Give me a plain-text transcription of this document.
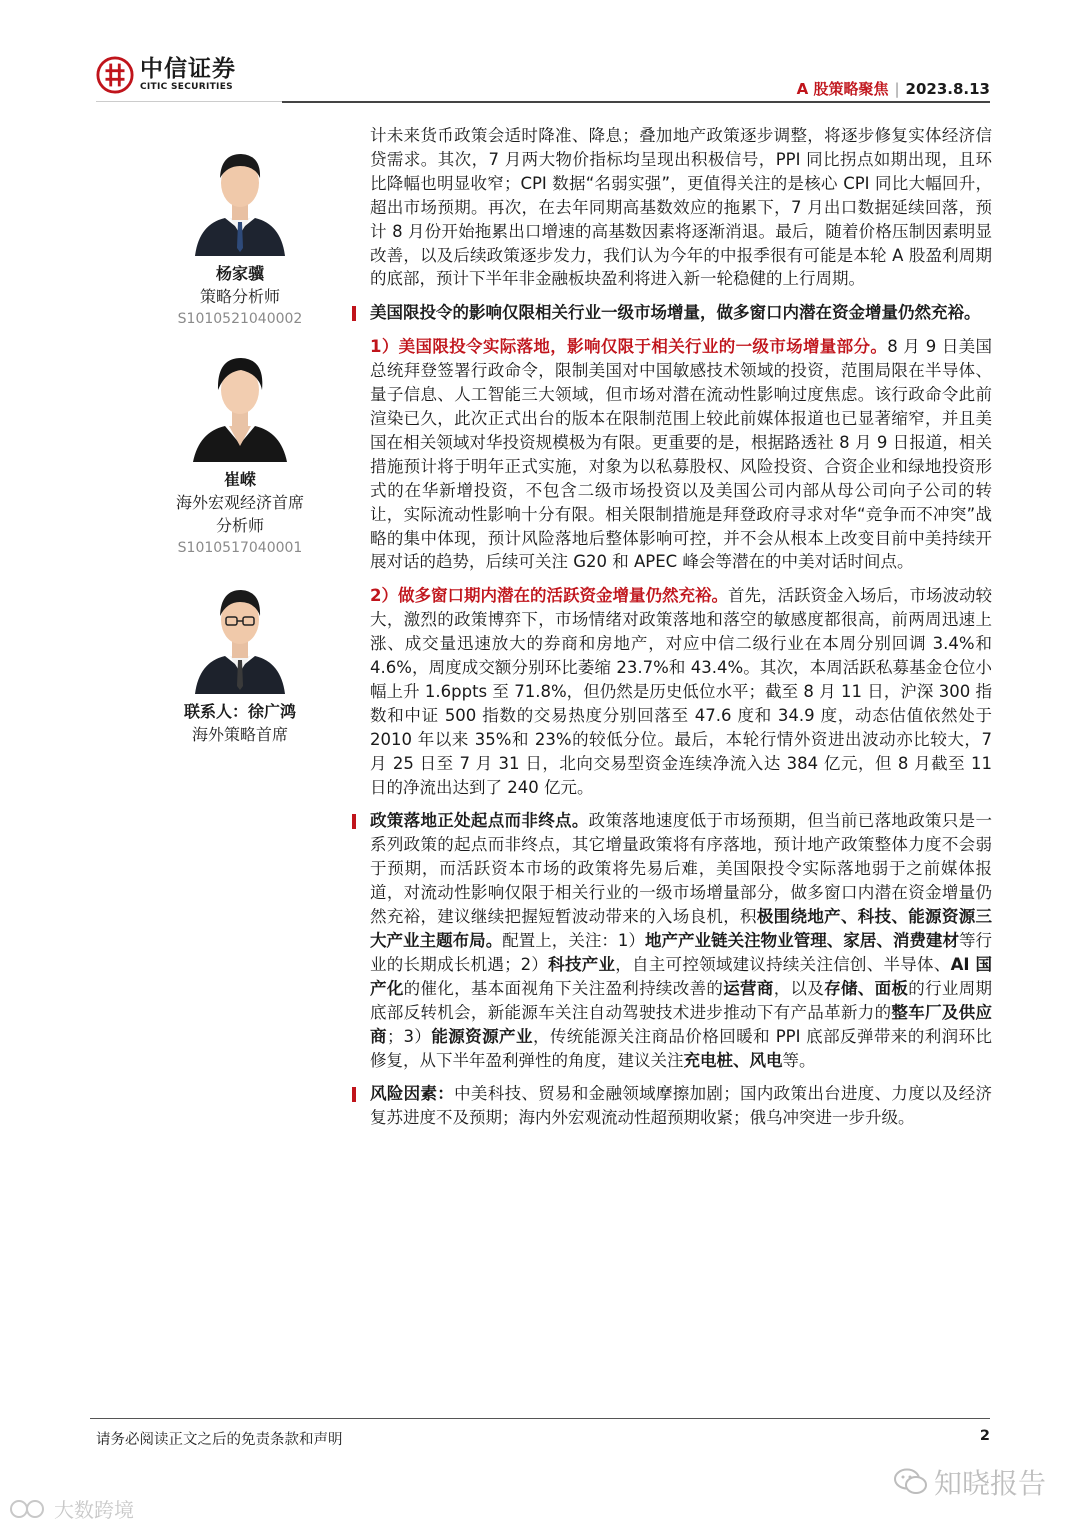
中信证券
CITIC SECURITIES	A 股策略聚焦 | 2023.8.13
杨家骥
策略分析师
S1010521040002
崔嵘
海外宏观经济首席
分析师
S1010517040001
联系人：徐广鸿
海外策略首席

计未来货币政策会适时降准、降息；叠加地产政策逐步调整，将逐步修复实体经济信贷需求。其次，7 月两大物价指标均呈现出积极信号，PPI 同比拐点如期出现，且环比降幅也明显收窄；CPI 数据“名弱实强”，更值得关注的是核心 CPI 同比大幅回升，超出市场预期。再次，在去年同期高基数效应的拖累下，7 月出口数据延续回落，预计 8 月份开始拖累出口增速的高基数因素将逐渐消退。最后，随着价格压制因素明显改善，以及后续政策逐步发力，我们认为今年的中报季很有可能是本轮 A 股盈利周期的底部，预计下半年非金融板块盈利将进入新一轮稳健的上行周期。

美国限投令的影响仅限相关行业一级市场增量，做多窗口内潜在资金增量仍然充裕。

1）美国限投令实际落地，影响仅限于相关行业的一级市场增量部分。8 月 9 日美国总统拜登签署行政命令，限制美国对中国敏感技术领域的投资，范围局限在半导体、量子信息、人工智能三大领域，但市场对潜在流动性影响过度焦虑。该行政命令此前渲染已久，此次正式出台的版本在限制范围上较此前媒体报道也已显著缩窄，并且美国在相关领域对华投资规模极为有限。更重要的是，根据路透社 8 月 9 日报道，相关措施预计将于明年正式实施，对象为以私募股权、风险投资、合资企业和绿地投资形式的在华新增投资，不包含二级市场投资以及美国公司内部从母公司向子公司的转让，实际流动性影响十分有限。相关限制措施是拜登政府寻求对华“竞争而不冲突”战略的集中体现，预计风险落地后整体影响可控，并不会从根本上改变目前中美持续开展对话的趋势，后续可关注 G20 和 APEC 峰会等潜在的中美对话时间点。

2）做多窗口期内潜在的活跃资金增量仍然充裕。首先，活跃资金入场后，市场波动较大，激烈的政策博弈下，市场情绪对政策落地和落空的敏感度都很高，前两周迅速上涨、成交量迅速放大的券商和房地产，对应中信二级行业在本周分别回调 3.4%和 4.6%，周度成交额分别环比萎缩 23.7%和 43.4%。其次，本周活跃私募基金仓位小幅上升 1.6ppts 至 71.8%，但仍然是历史低位水平；截至 8 月 11 日，沪深 300 指数和中证 500 指数的交易热度分别回落至 47.6 度和 34.9 度，动态估值依然处于 2010 年以来 35%和 23%的较低分位。最后，本轮行情外资进出波动亦比较大，7 月 25 日至 7 月 31 日，北向交易型资金连续净流入达 384 亿元，但 8 月截至 11 日的净流出达到了 240 亿元。

政策落地正处起点而非终点。政策落地速度低于市场预期，但当前已落地政策只是一系列政策的起点而非终点，其它增量政策将有序落地，预计地产政策整体力度不会弱于预期，而活跃资本市场的政策将先易后难，美国限投令实际落地弱于之前媒体报道，对流动性影响仅限于相关行业的一级市场增量部分，做多窗口内潜在资金增量仍然充裕，建议继续把握短暂波动带来的入场良机，积极围绕地产、科技、能源资源三大产业主题布局。配置上，关注：1）地产产业链关注物业管理、家居、消费建材等行业的长期成长机遇；2）科技产业，自主可控领域建议持续关注信创、半导体、AI 国产化的催化，基本面视角下关注盈利持续改善的运营商，以及存储、面板的行业周期底部反转机会，新能源车关注自动驾驶技术进步推动下有产品革新力的整车厂及供应商；3）能源资源产业，传统能源关注商品价格回暖和 PPI 底部反弹带来的利润环比修复，从下半年盈利弹性的角度，建议关注充电桩、风电等。

风险因素：中美科技、贸易和金融领域摩擦加剧；国内政策出台进度、力度以及经济复苏进度不及预期；海内外宏观流动性超预期收紧；俄乌冲突进一步升级。

请务必阅读正文之后的免责条款和声明	2
知晓报告
大数跨境
